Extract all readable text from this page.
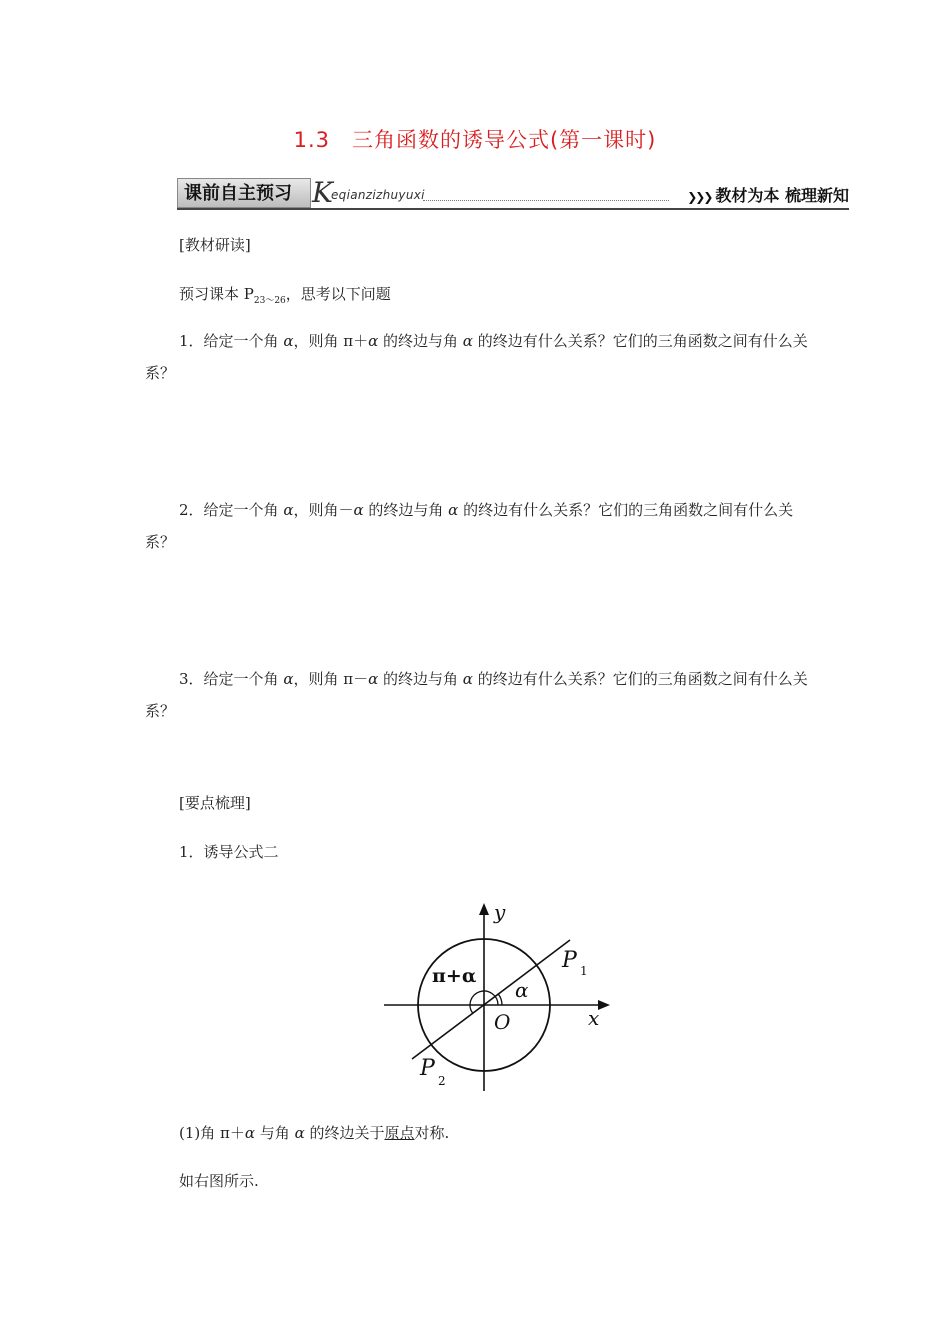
1.3　三角函数的诱导公式(第一课时)
课前自主预习 K
eqianzizhuyuxi	❯❯❯ 教材为本 梳理新知
[教材研读]
预习课本 $P_{23\sim 26}$，思考以下问题
1．给定一个角 α，则角 π＋α 的终边与角 α 的终边有什么关系？它们的三角函数之间有什么关系？
2．给定一个角 α，则角－α 的终边与角 α 的终边有什么关系？它们的三角函数之间有什么关系？
3．给定一个角 α，则角 π－α 的终边与角 α 的终边有什么关系？它们的三角函数之间有什么关系？
[要点梳理]
1．诱导公式二
y
x
O
P 1
P 2
π+α
α
(1)角 π＋α 与角 α 的终边关于原点对称.
如右图所示.
